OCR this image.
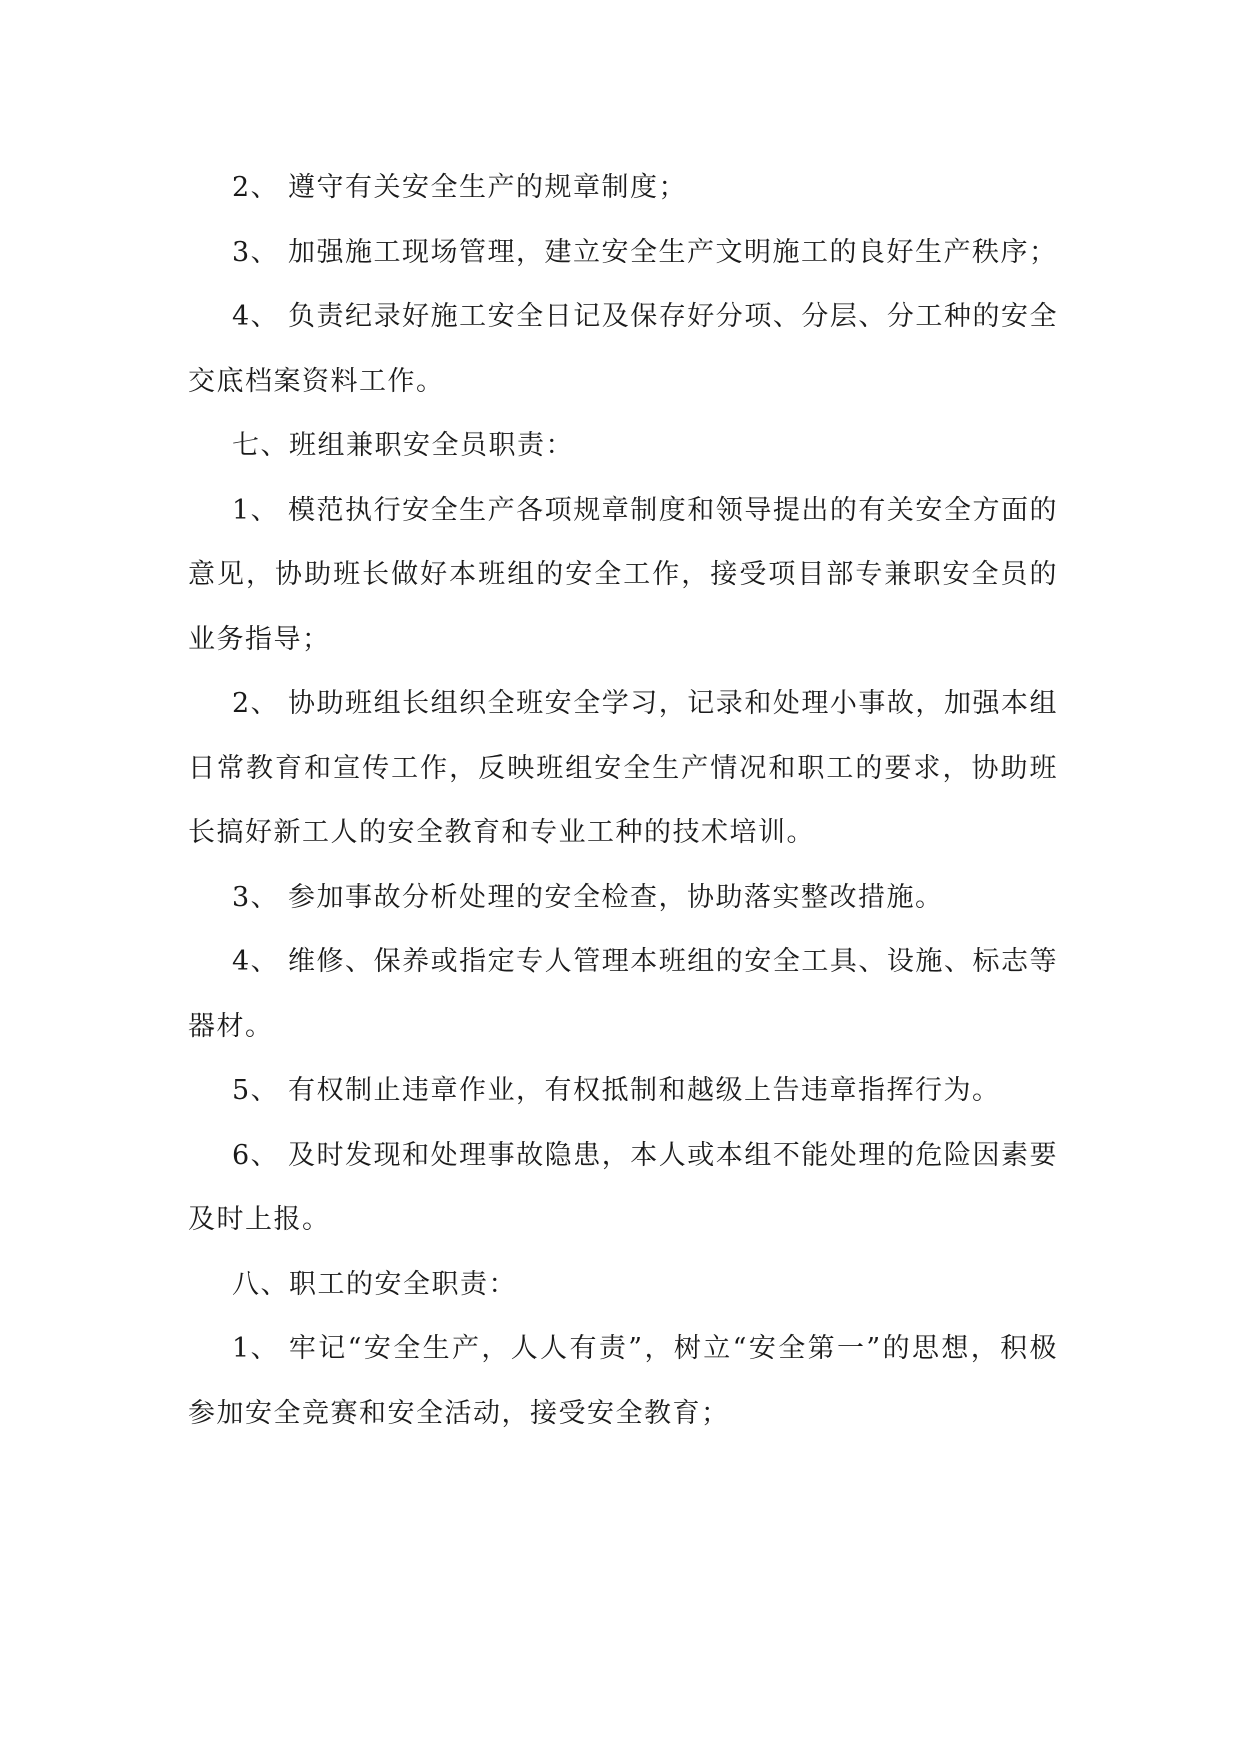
2、 遵守有关安全生产的规章制度；

3、 加强施工现场管理，建立安全生产文明施工的良好生产秩序；

4、 负责纪录好施工安全日记及保存好分项、分层、分工种的安全交底档案资料工作。

七、班组兼职安全员职责：

1、 模范执行安全生产各项规章制度和领导提出的有关安全方面的意见，协助班长做好本班组的安全工作，接受项目部专兼职安全员的业务指导；

2、 协助班组长组织全班安全学习，记录和处理小事故，加强本组日常教育和宣传工作，反映班组安全生产情况和职工的要求，协助班长搞好新工人的安全教育和专业工种的技术培训。

3、 参加事故分析处理的安全检查，协助落实整改措施。

4、 维修、保养或指定专人管理本班组的安全工具、设施、标志等器材。

5、 有权制止违章作业，有权抵制和越级上告违章指挥行为。

6、 及时发现和处理事故隐患，本人或本组不能处理的危险因素要及时上报。

八、职工的安全职责：

1、 牢记“安全生产，人人有责”，树立“安全第一”的思想，积极参加安全竞赛和安全活动，接受安全教育；
